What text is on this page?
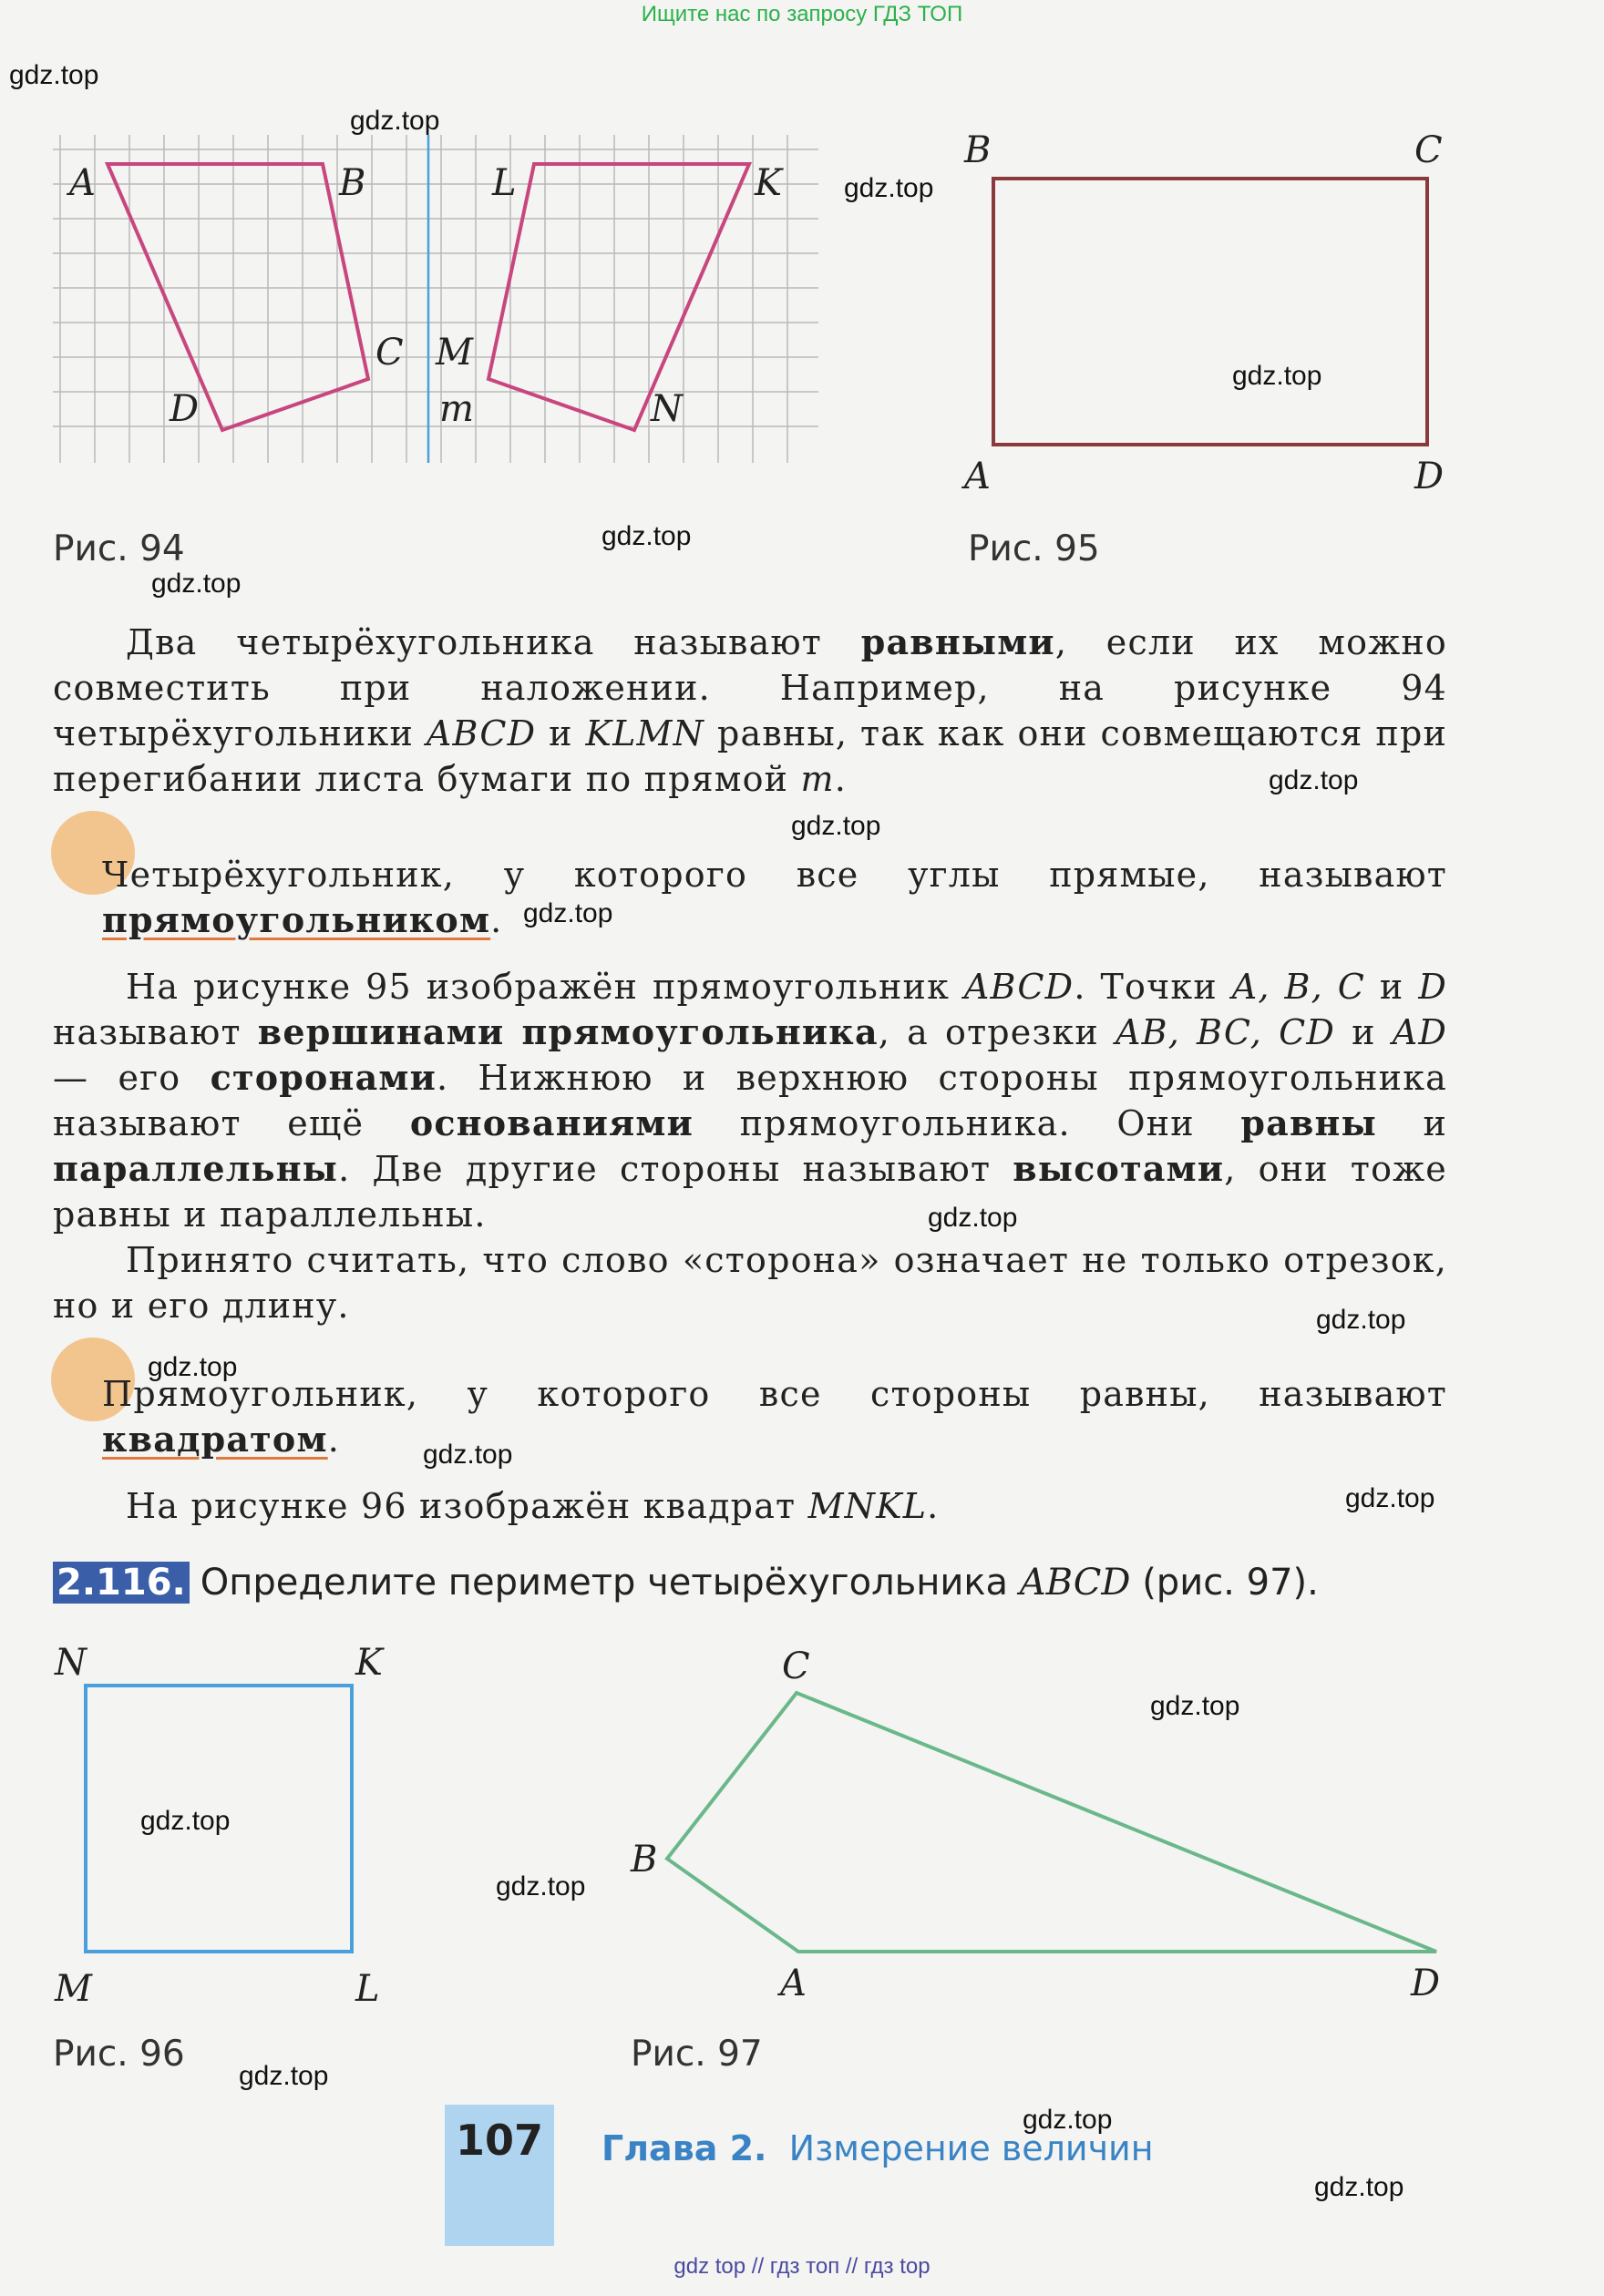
Ищите нас по запросу ГДЗ ТОП
A	B
C
D
L	K
M
N
m
Рис. 94
B	C
A	D
Рис. 95

Два четырёхугольника называют равными, если их можно совместить при наложении. Например, на рисунке 94 четырёхугольники ABCD и KLMN равны, так как они совмещаются при перегибании листа бумаги по прямой m.

Четырёхугольник, у которого все углы прямые, называют прямоугольником.

На рисунке 95 изображён прямоугольник ABCD. Точки A, B, C и D называют вершинами прямоугольника, а отрезки AB, BC, CD и AD — его сторонами. Нижнюю и верхнюю стороны прямоугольника называют ещё основаниями прямоугольника. Они равны и параллельны. Две другие стороны называют высотами, они тоже равны и параллельны.

Принято считать, что слово «сторона» означает не только отрезок, но и его длину.

Прямоугольник, у которого все стороны равны, называют квадратом.

На рисунке 96 изображён квадрат MNKL.

2.116. Определите периметр четырёхугольника ABCD (рис. 97).
N	K
M	L
Рис. 96
C
B
A	D
Рис. 97
107	Глава 2. Измерение величин
gdz top // гдз топ // гдз top
gdz.top
gdz.top
gdz.top
gdz.top
gdz.top
gdz.top
gdz.top
gdz.top
gdz.top
gdz.top
gdz.top
gdz.top
gdz.top
gdz.top
gdz.top
gdz.top
gdz.top
gdz.top
gdz.top
gdz.top
